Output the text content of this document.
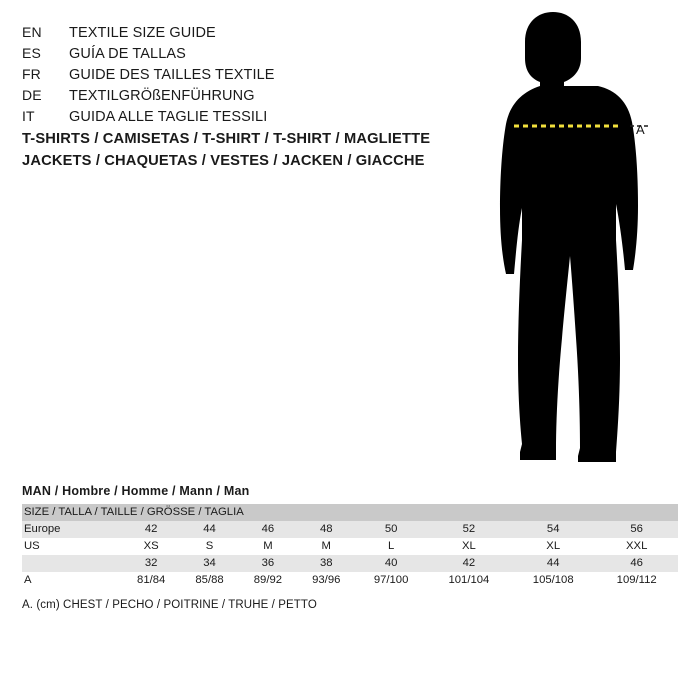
EN	TEXTILE SIZE GUIDE
ES	GUÍA DE TALLAS
FR	GUIDE DES TAILLES TEXTILE
DE	TEXTILGRÖßENFÜHRUNG
IT	GUIDA ALLE TAGLIE TESSILI
T-SHIRTS / CAMISETAS / T-SHIRT / T-SHIRT / MAGLIETTE
JACKETS / CHAQUETAS / VESTES / JACKEN / GIACCHE
A
MAN / Hombre / Homme / Mann / Man
SIZE / TALLA / TAILLE / GRÖSSE / TAGLIA								
Europe	42	44	46	48	50	52	54	56
US	XS	S	M	M	L	XL	XL	XXL
	32	34	36	38	40	42	44	46
A	81/84	85/88	89/92	93/96	97/100	101/104	105/108	109/112
A. (cm) CHEST / PECHO / POITRINE / TRUHE / PETTO
